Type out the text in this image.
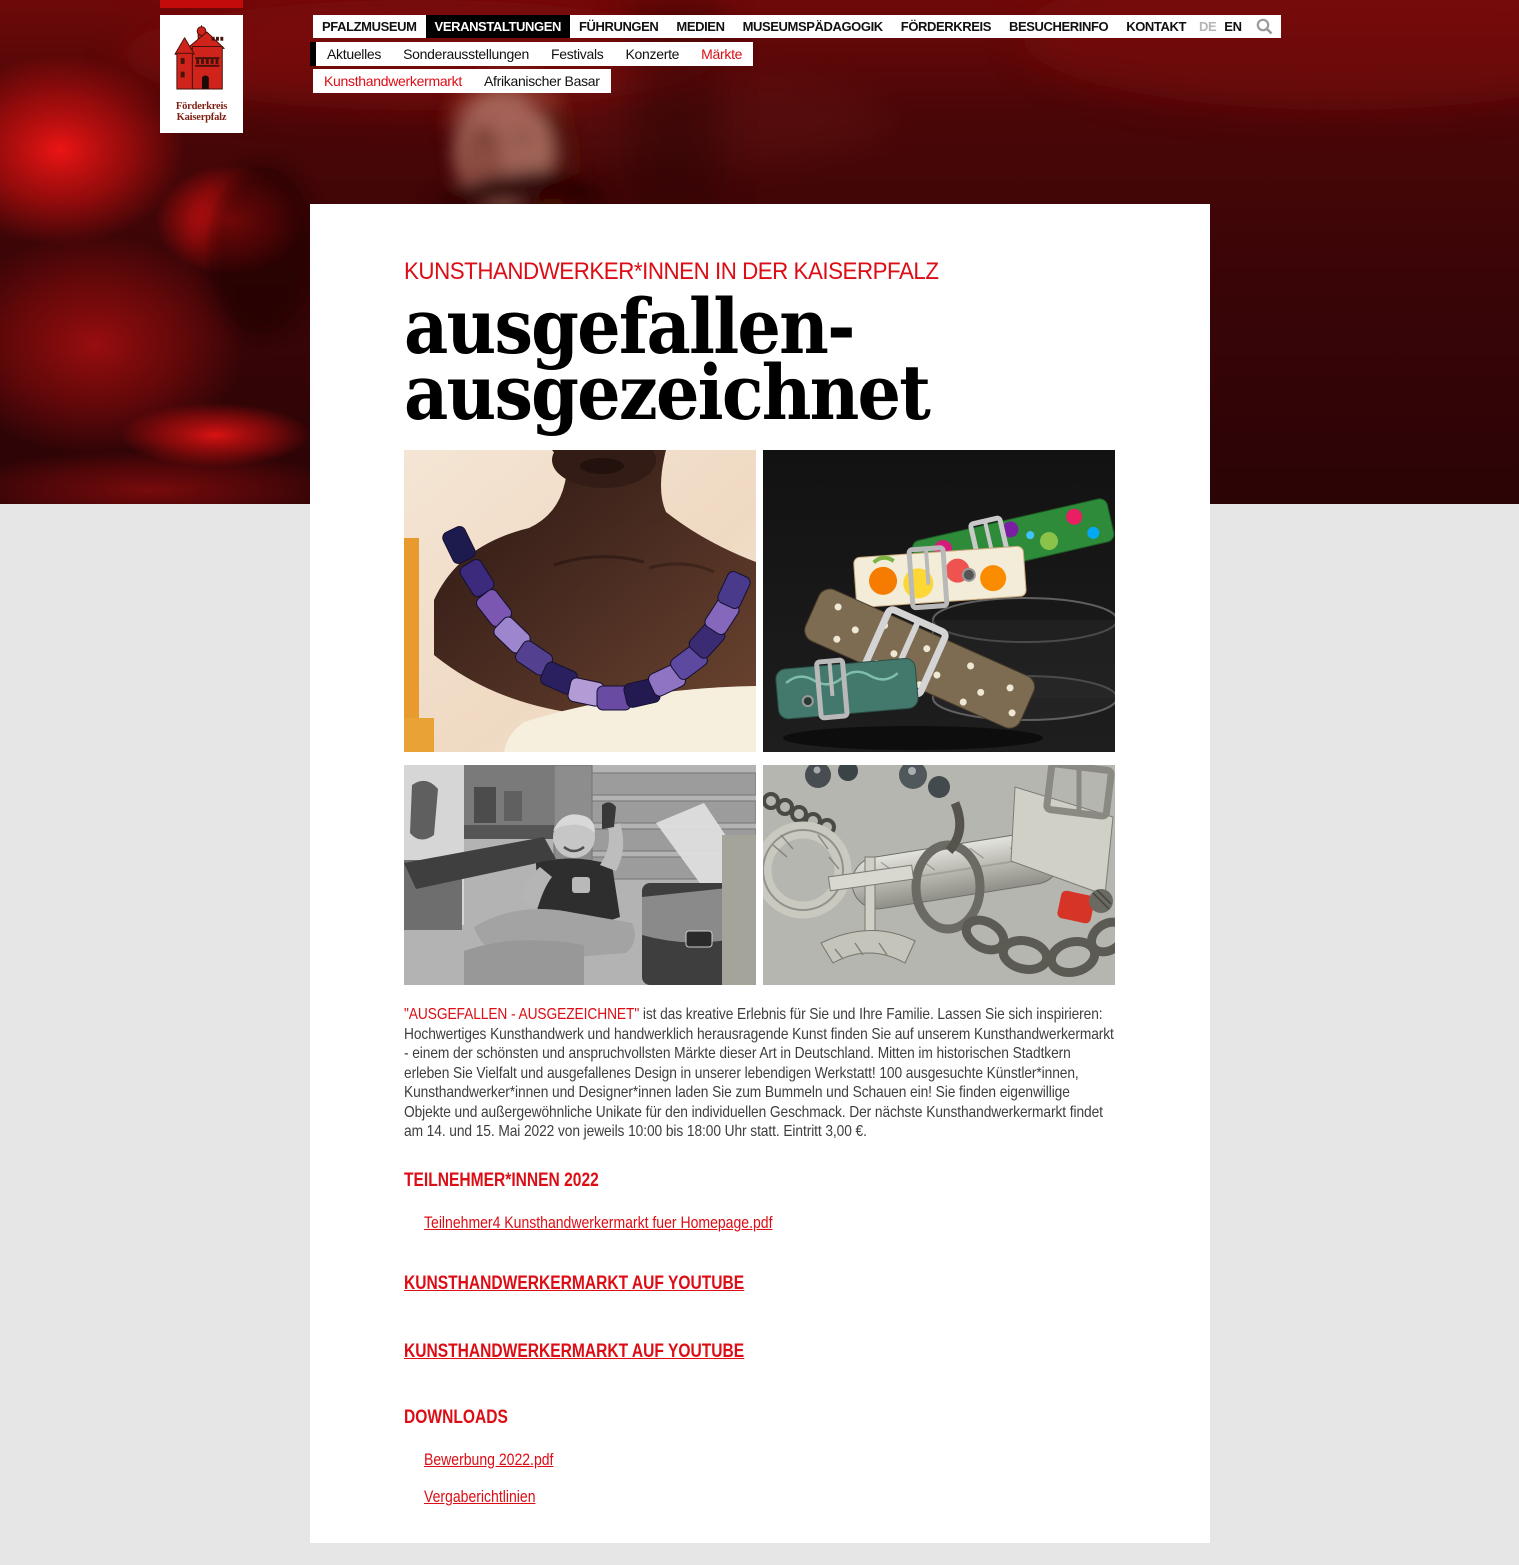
Förderkreis
Kaiserpfalz
PFALZMUSEUM	VERANSTALTUNGEN	FÜHRUNGEN	MEDIEN	MUSEUMSPÄDAGOGIK	FÖRDERKREIS	BESUCHERINFO	KONTAKT	DE EN
Aktuelles	Sonderausstellungen	Festivals	Konzerte	Märkte
Kunsthandwerkermarkt	Afrikanischer Basar
KUNSTHANDWERKER*INNEN IN DER KAISERPFALZ
ausgefallen-
ausgezeichnet

"AUSGEFALLEN - AUSGEZEICHNET" ist das kreative Erlebnis für Sie und Ihre Familie. Lassen Sie sich inspirieren: Hochwertiges Kunsthandwerk und handwerklich herausragende Kunst finden Sie auf unserem Kunsthandwerkermarkt - einem der schönsten und anspruchvollsten Märkte dieser Art in Deutschland. Mitten im historischen Stadtkern erleben Sie Vielfalt und ausgefallenes Design in unserer lebendigen Werkstatt! 100 ausgesuchte Künstler*innen, Kunsthandwerker*innen und Designer*innen laden Sie zum Bummeln und Schauen ein! Sie finden eigenwillige Objekte und außergewöhnliche Unikate für den individuellen Geschmack. Der nächste Kunsthandwerkermarkt findet am 14. und 15. Mai 2022 von jeweils 10:00 bis 18:00 Uhr statt. Eintritt 3,00 €.

TEILNEHMER*INNEN 2022
Teilnehmer4 Kunsthandwerkermarkt fuer Homepage.pdf
KUNSTHANDWERKERMARKT AUF YOUTUBE
KUNSTHANDWERKERMARKT AUF YOUTUBE
DOWNLOADS
Bewerbung 2022.pdf
Vergaberichtlinien
